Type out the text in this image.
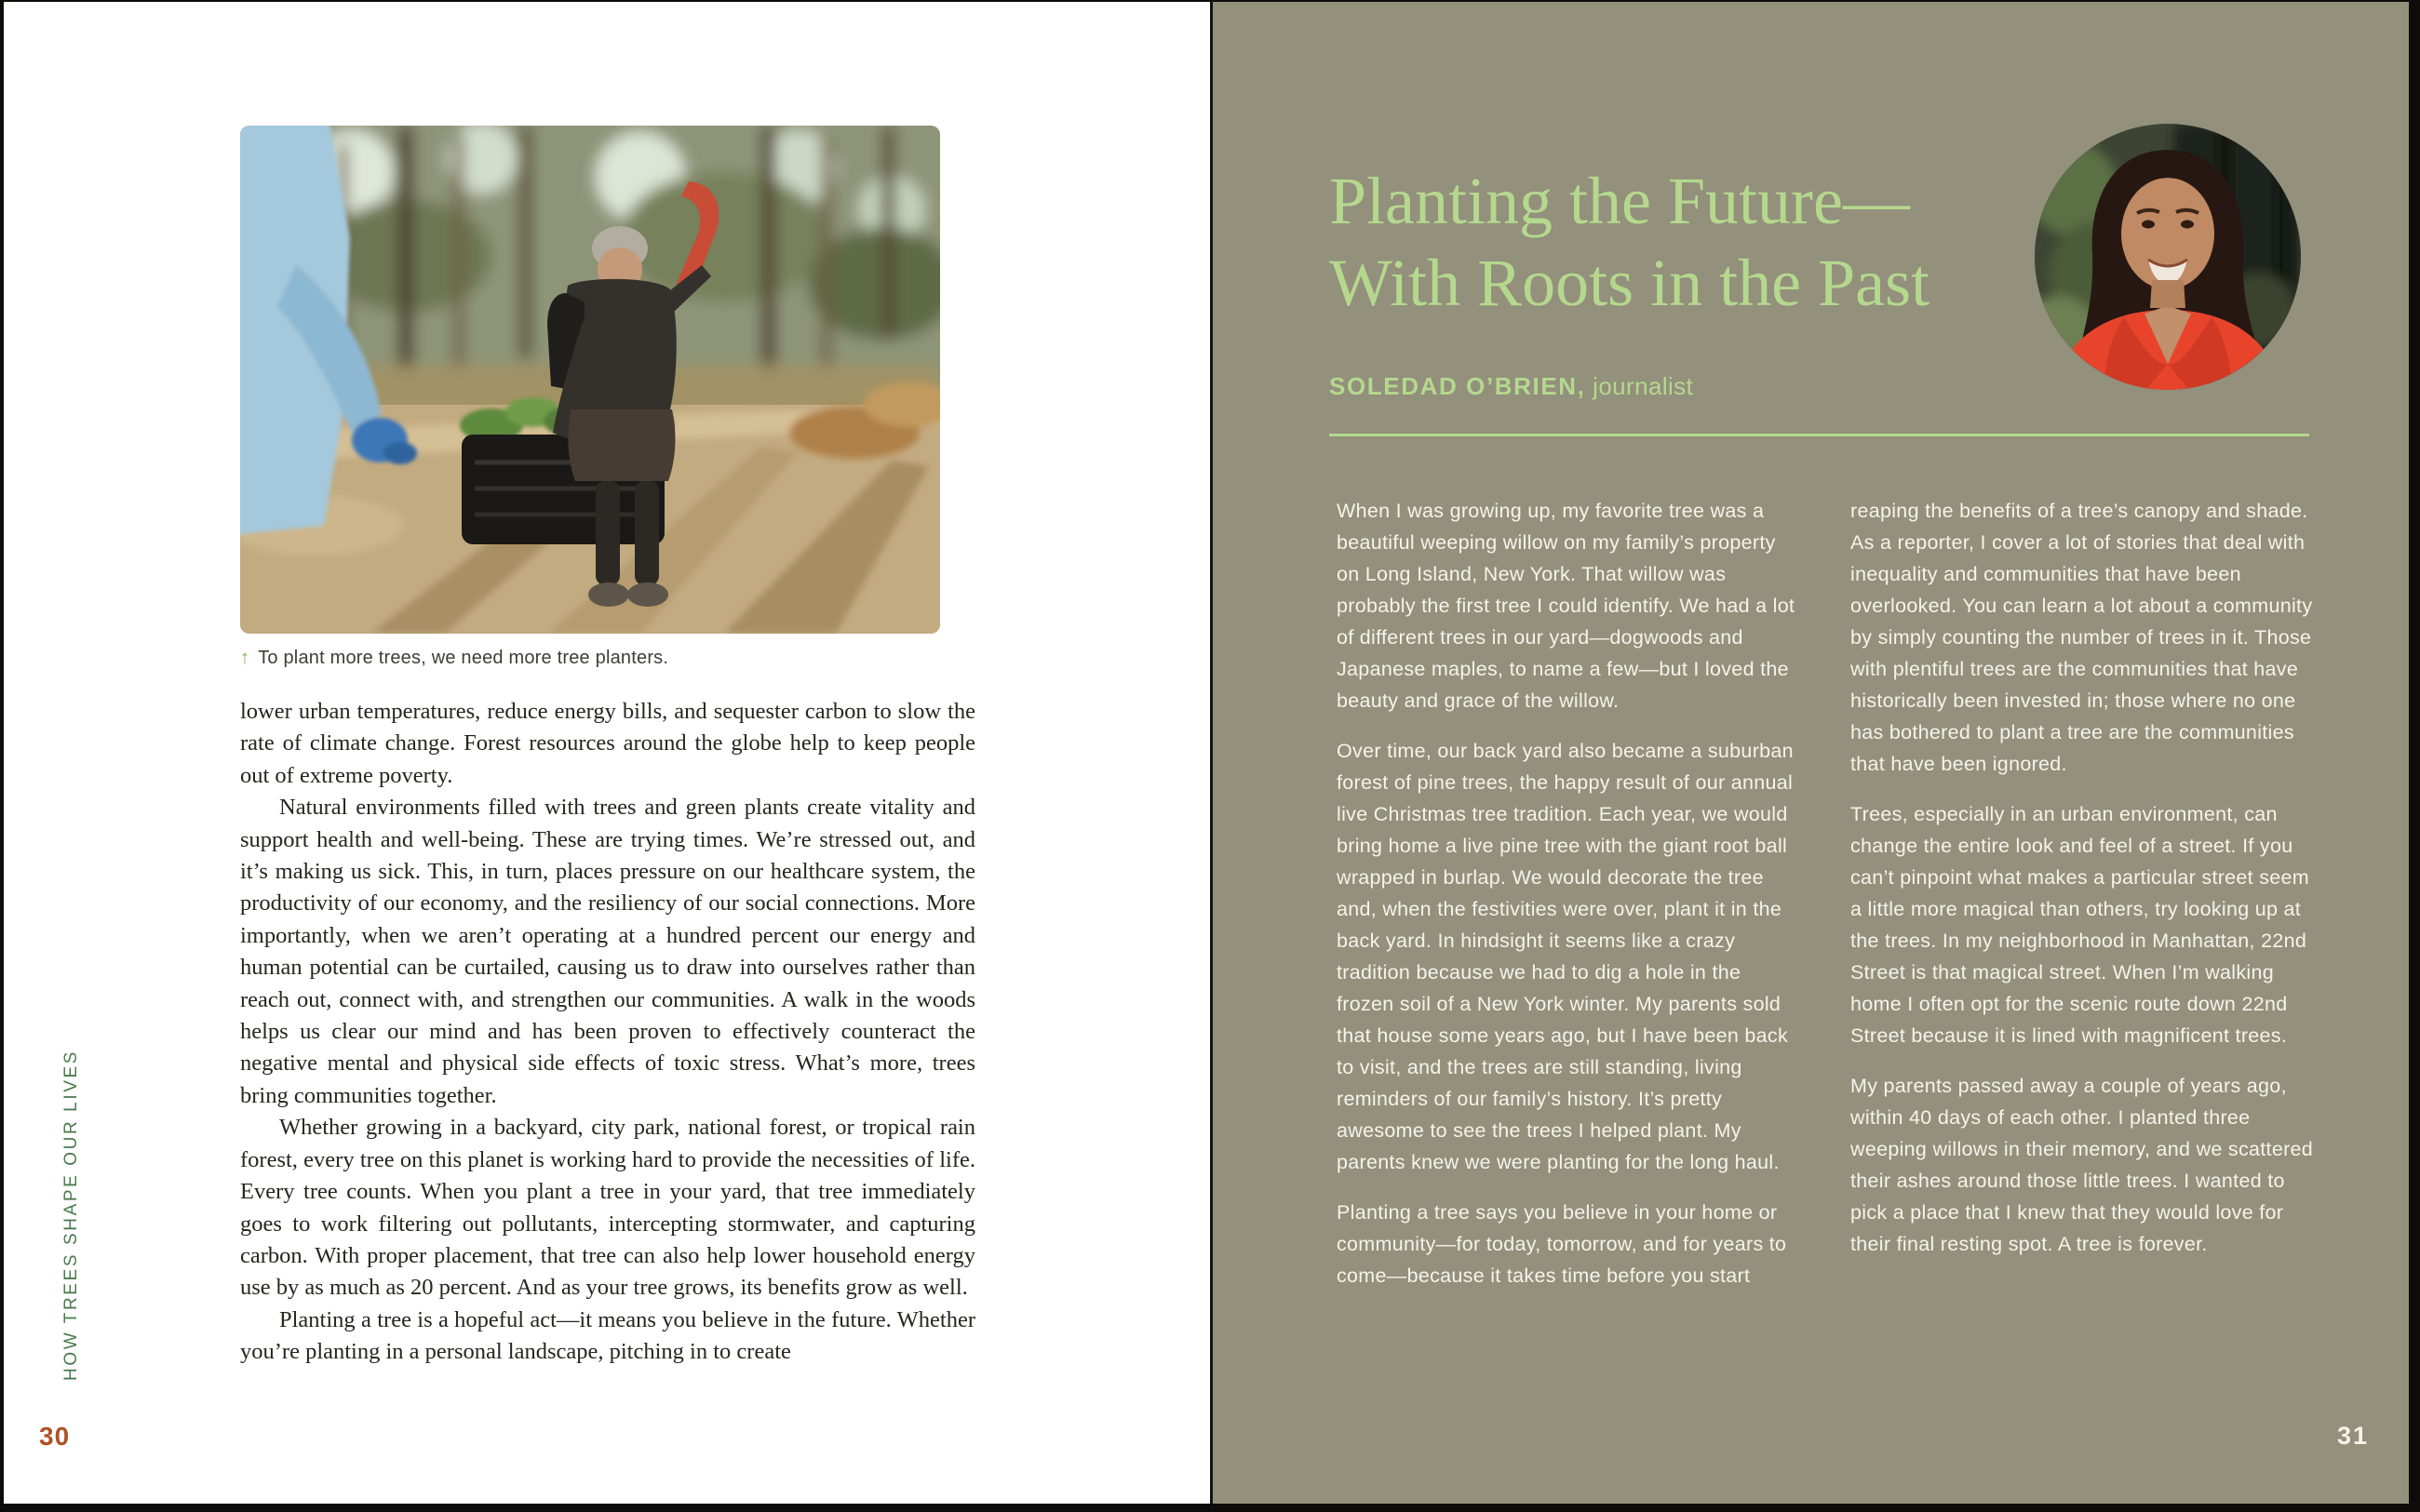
↑ To plant more trees, we need more tree planters.

lower urban temperatures, reduce energy bills, and sequester carbon to slow the rate of climate change. Forest resources around the globe help to keep people out of extreme poverty.

Natural environments filled with trees and green plants create vitality and support health and well-being. These are trying times. We’re stressed out, and it’s making us sick. This, in turn, places pressure on our healthcare system, the productivity of our economy, and the resiliency of our social connections. More importantly, when we aren’t operating at a hundred percent our energy and human potential can be curtailed, causing us to draw into ourselves rather than reach out, connect with, and strengthen our communities. A walk in the woods helps us clear our mind and has been proven to effectively counteract the negative mental and physical side effects of toxic stress. What’s more, trees bring communities together.

Whether growing in a backyard, city park, national forest, or tropical rain forest, every tree on this planet is working hard to provide the necessities of life. Every tree counts. When you plant a tree in your yard, that tree immediately goes to work filtering out pollutants, intercepting stormwater, and capturing carbon. With proper placement, that tree can also help lower household energy use by as much as 20 percent. And as your tree grows, its benefits grow as well.

Planting a tree is a hopeful act—it means you believe in the future. Whether you’re planting in a personal landscape, pitching in to create

HOW TREES SHAPE OUR LIVES
30
Planting the Future—
With Roots in the Past
SOLEDAD O’BRIEN, journalist

When I was growing up, my favorite tree was a beautiful weeping willow on my family’s property on Long Island, New York. That willow was probably the first tree I could identify. We had a lot of different trees in our yard—dogwoods and Japanese maples, to name a few—but I loved the beauty and grace of the willow.

Over time, our back yard also became a suburban forest of pine trees, the happy result of our annual live Christmas tree tradition. Each year, we would bring home a live pine tree with the giant root ball wrapped in burlap. We would decorate the tree and, when the festivities were over, plant it in the back yard. In hindsight it seems like a crazy tradition because we had to dig a hole in the frozen soil of a New York winter. My parents sold that house some years ago, but I have been back to visit, and the trees are still standing, living reminders of our family’s history. It’s pretty awesome to see the trees I helped plant. My parents knew we were planting for the long haul.

Planting a tree says you believe in your home or community—for today, tomorrow, and for years to come—because it takes time before you start

reaping the benefits of a tree’s canopy and shade. As a reporter, I cover a lot of stories that deal with inequality and communities that have been overlooked. You can learn a lot about a community by simply counting the number of trees in it. Those with plentiful trees are the communities that have historically been invested in; those where no one has bothered to plant a tree are the communities that have been ignored.

Trees, especially in an urban environment, can change the entire look and feel of a street. If you can’t pinpoint what makes a particular street seem a little more magical than others, try looking up at the trees. In my neighborhood in Manhattan, 22nd Street is that magical street. When I’m walking home I often opt for the scenic route down 22nd Street because it is lined with magnificent trees.

My parents passed away a couple of years ago, within 40 days of each other. I planted three weeping willows in their memory, and we scattered their ashes around those little trees. I wanted to pick a place that I knew that they would love for their final resting spot. A tree is forever.

31
